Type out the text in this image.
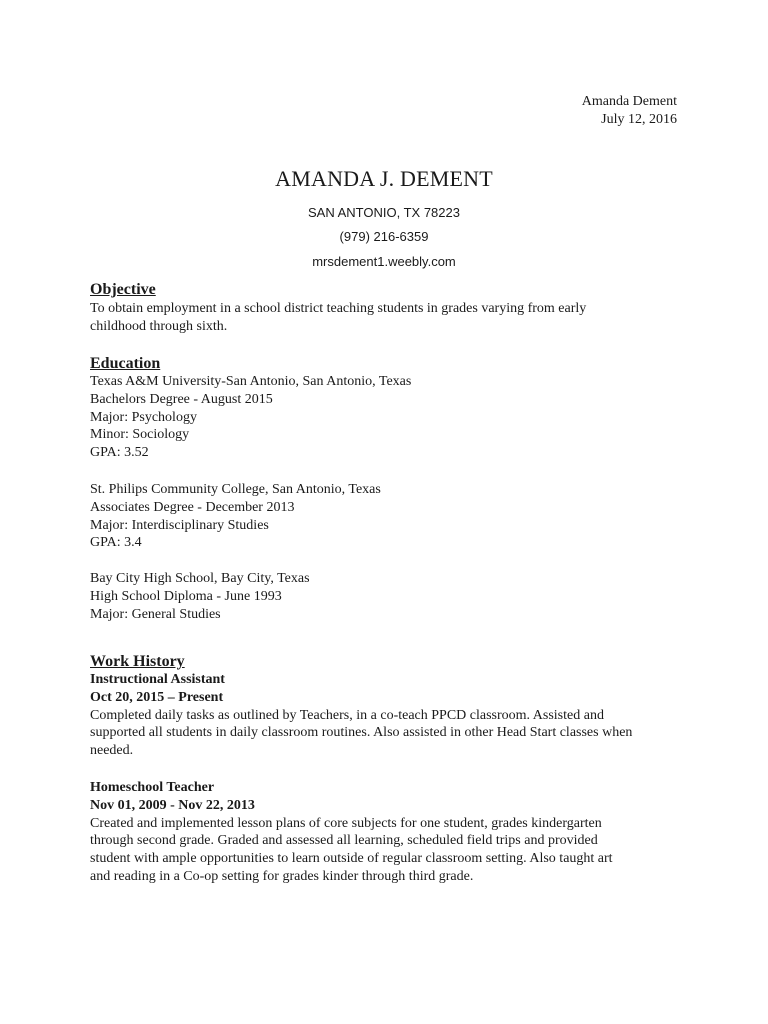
Amanda Dement
July 12, 2016
AMANDA J. DEMENT
SAN ANTONIO, TX 78223
(979) 216-6359
mrsdement1.weebly.com
Objective
To obtain employment in a school district teaching students in grades varying from early
childhood through sixth.
Education
Texas A&M University-San Antonio, San Antonio, Texas
Bachelors Degree - August 2015
Major: Psychology
Minor: Sociology
GPA: 3.52
St. Philips Community College, San Antonio, Texas
Associates Degree - December 2013
Major: Interdisciplinary Studies
GPA: 3.4
Bay City High School, Bay City, Texas
High School Diploma - June 1993
Major: General Studies
Work History
Instructional Assistant
Oct 20, 2015 – Present
Completed daily tasks as outlined by Teachers, in a co-teach PPCD classroom. Assisted and
supported all students in daily classroom routines. Also assisted in other Head Start classes when
needed.
Homeschool Teacher
Nov 01, 2009 - Nov 22, 2013
Created and implemented lesson plans of core subjects for one student, grades kindergarten
through second grade. Graded and assessed all learning, scheduled field trips and provided
student with ample opportunities to learn outside of regular classroom setting. Also taught art
and reading in a Co-op setting for grades kinder through third grade.
